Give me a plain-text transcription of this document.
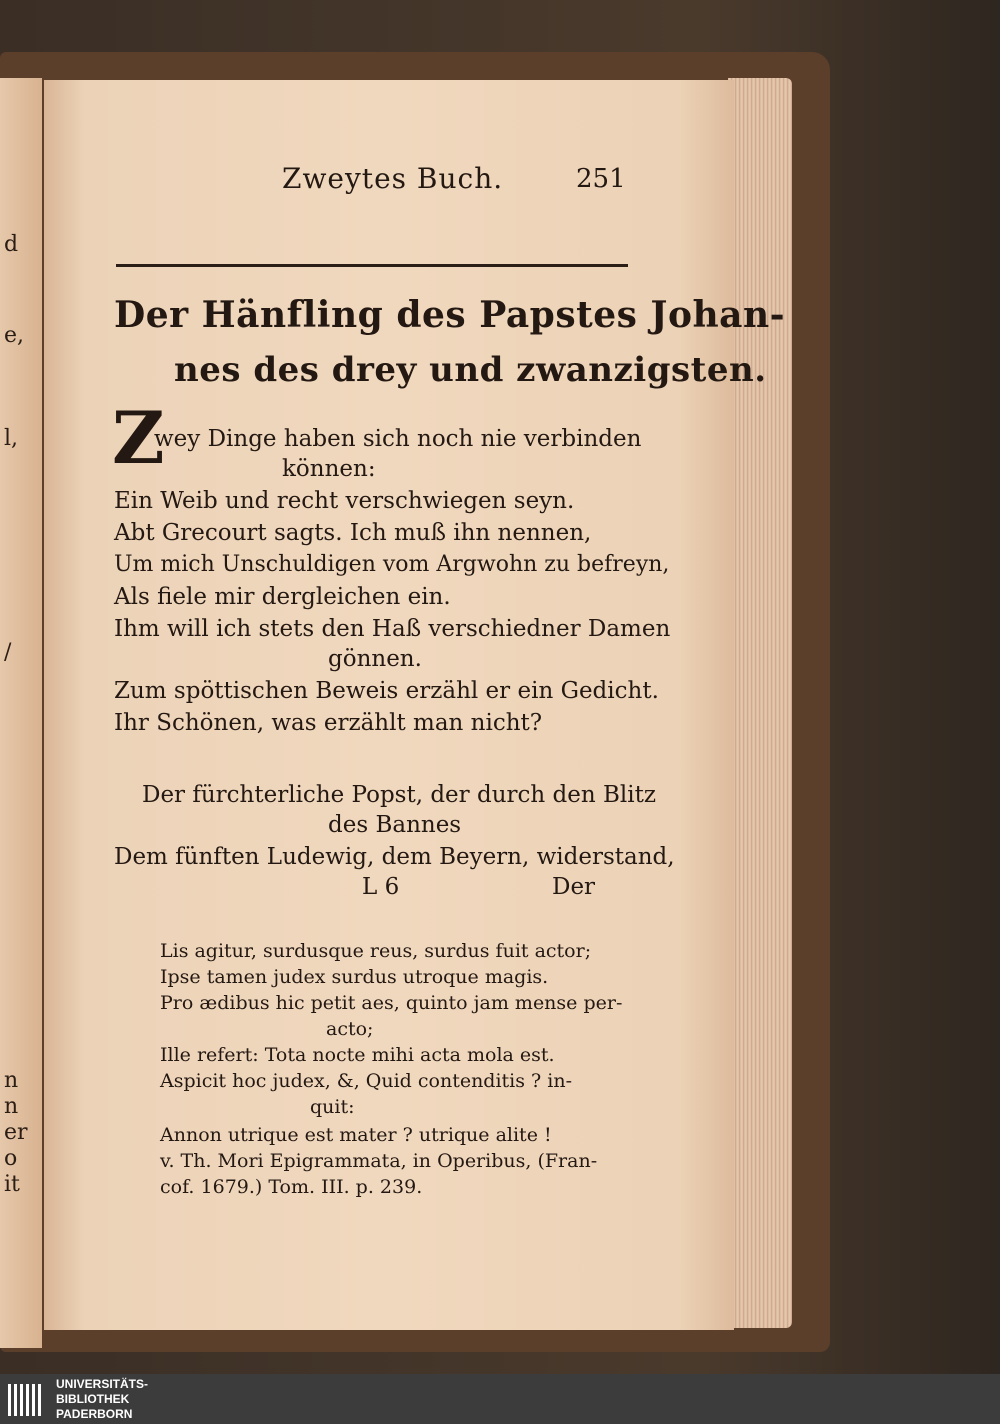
d
e,
l,
/
n
n
er
o
it
Zweytes Buch.	251
Der Hänfling des Papstes Johan-
nes des drey und zwanzigsten.
Z
wey Dinge haben sich noch nie verbinden
können:
Ein Weib und recht verschwiegen seyn.
Abt Grecourt sagts. Ich muß ihn nennen,
Um mich Unschuldigen vom Argwohn zu befreyn,
Als fiele mir dergleichen ein.
Ihm will ich stets den Haß verschiedner Damen
gönnen.
Zum spöttischen Beweis erzähl er ein Gedicht.
Ihr Schönen, was erzählt man nicht?
Der fürchterliche Popst, der durch den Blitz
des Bannes
Dem fünften Ludewig, dem Beyern, widerstand,
L 6	Der
Lis agitur, surdusque reus, surdus fuit actor;
Ipse tamen judex surdus utroque magis.
Pro ædibus hic petit aes, quinto jam mense per-
acto;
Ille refert: Tota nocte mihi acta mola est.
Aspicit hoc judex, &, Quid contenditis ? in-
quit:
Annon utrique est mater ? utrique alite !
v. Th. Mori Epigrammata, in Operibus, (Fran-
cof. 1679.) Tom. III. p. 239.
UNIVERSITÄTS-
BIBLIOTHEK
PADERBORN
